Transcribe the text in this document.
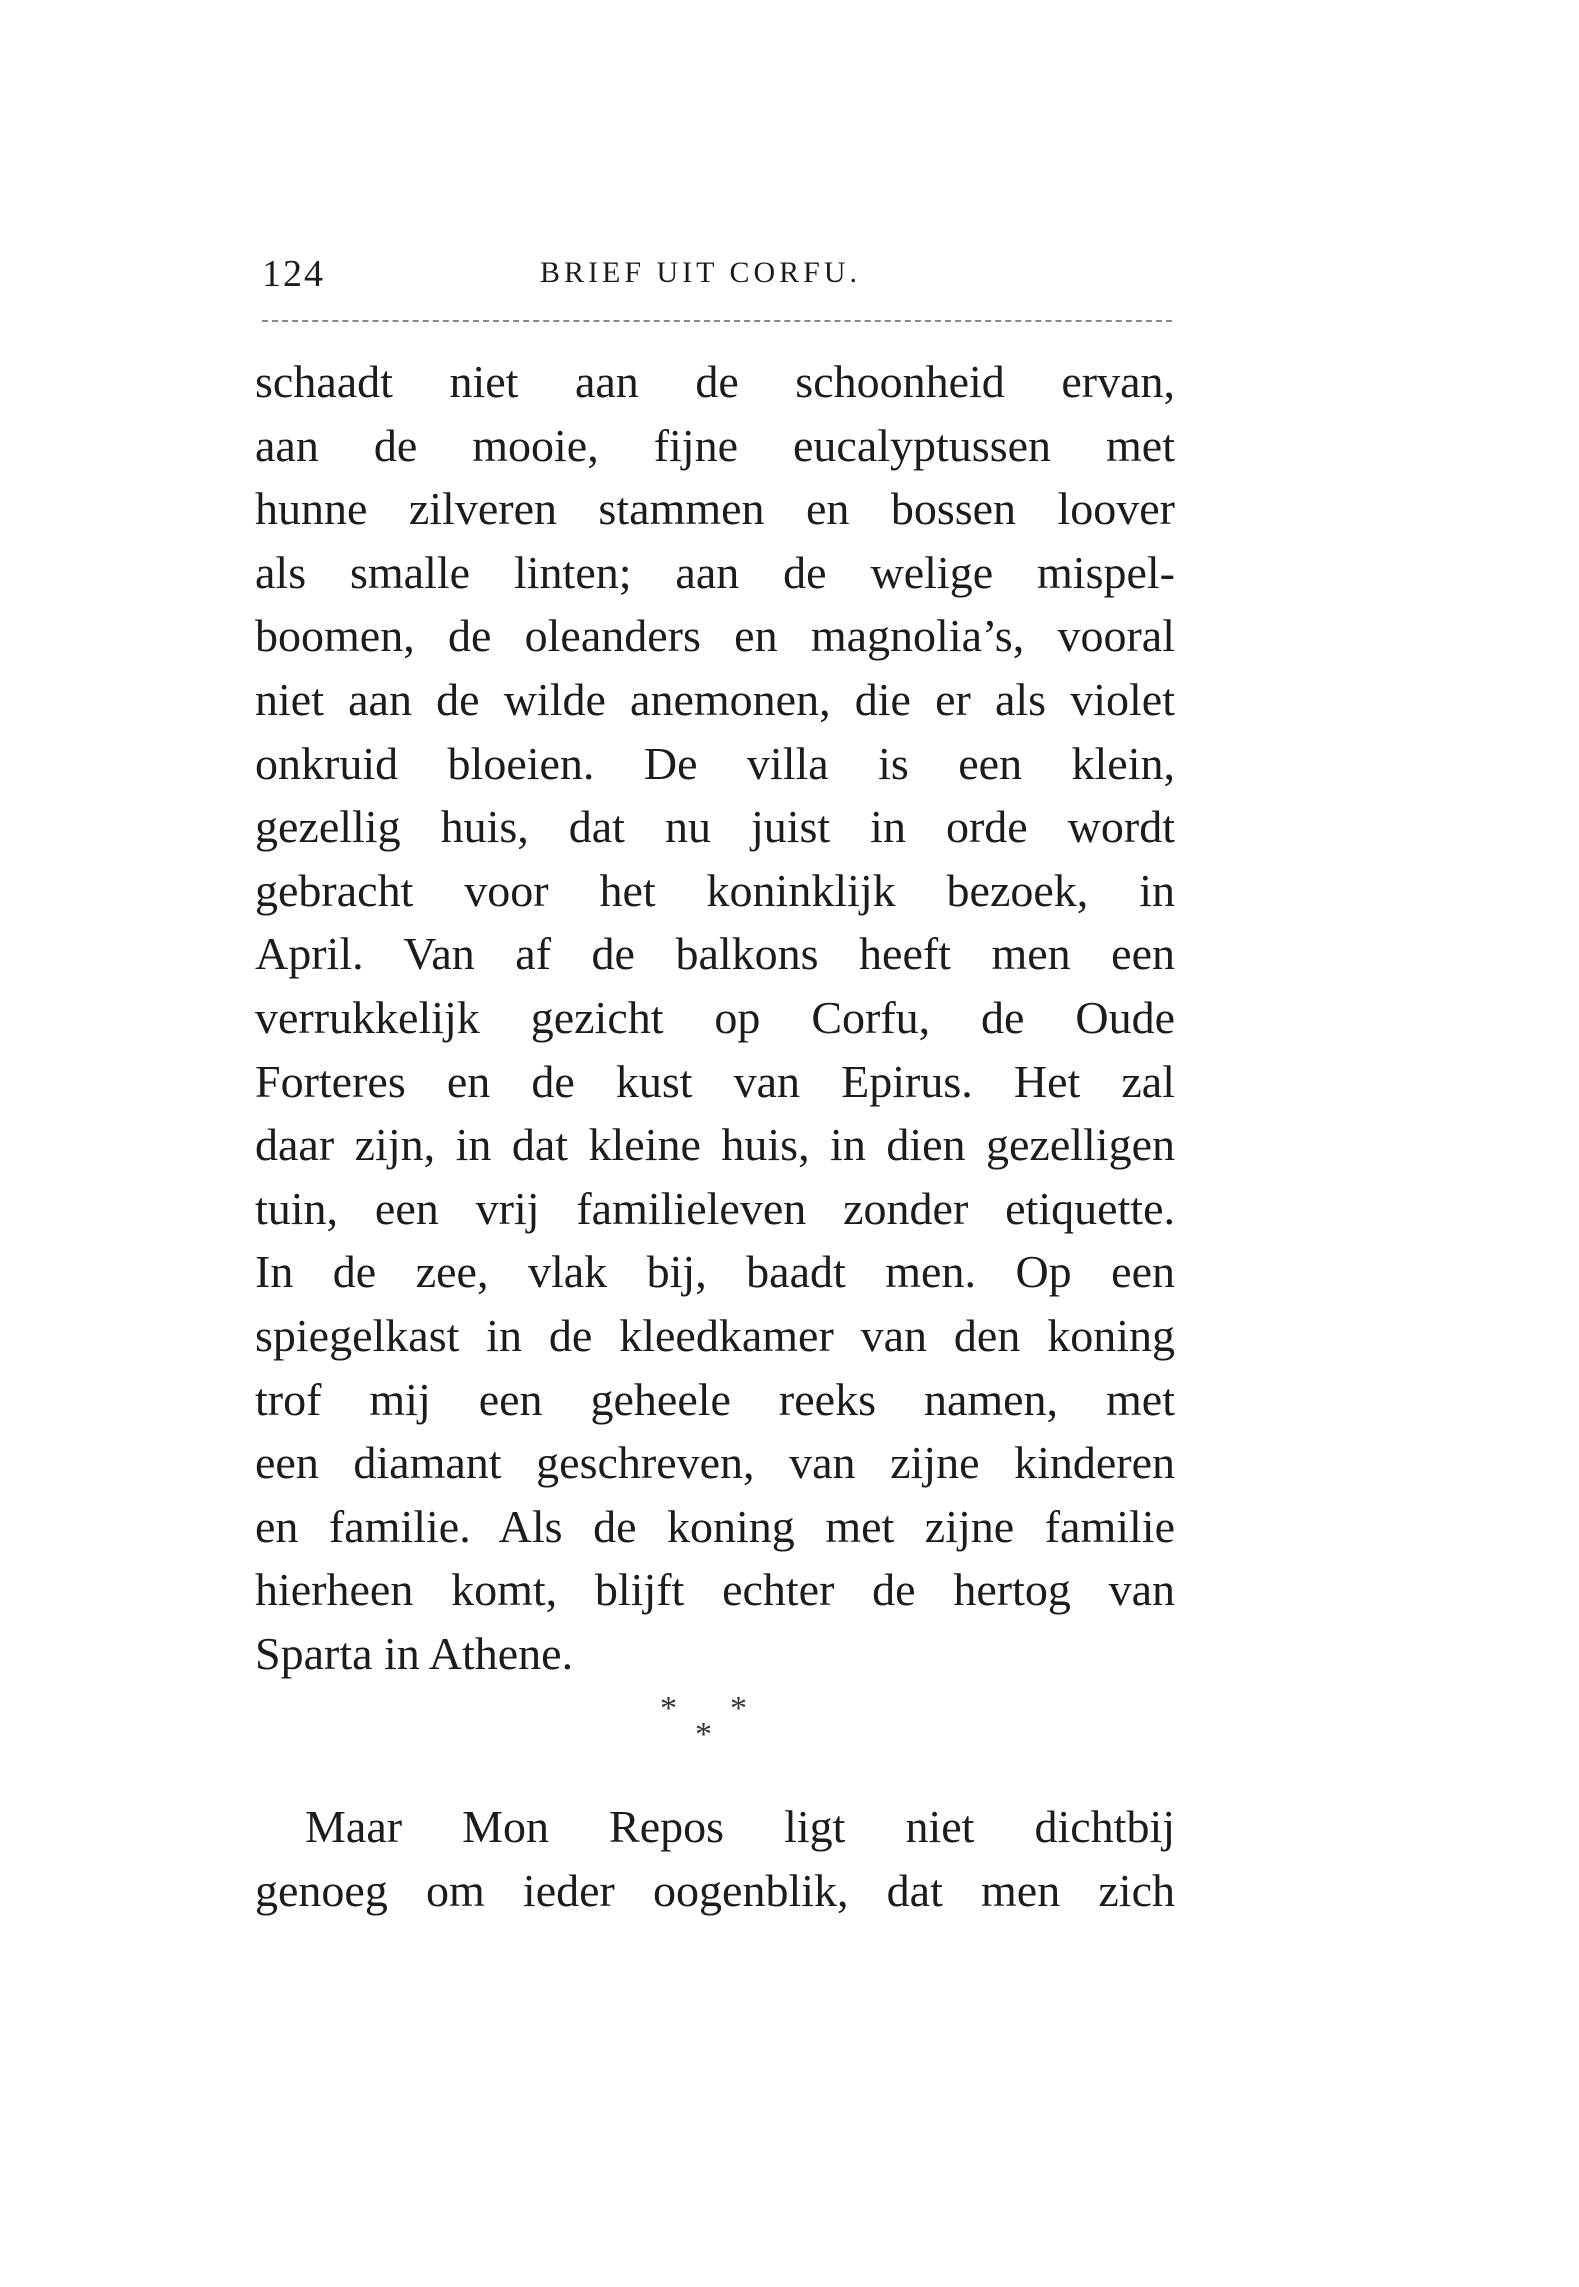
124	BRIEF UIT CORFU.
schaadt niet aan de schoonheid ervan,
aan de mooie, fijne eucalyptussen met
hunne zilveren stammen en bossen loover
als smalle linten; aan de welige mispel-
boomen, de oleanders en magnolia’s, vooral
niet aan de wilde anemonen, die er als violet
onkruid bloeien. De villa is een klein,
gezellig huis, dat nu juist in orde wordt
gebracht voor het koninklijk bezoek, in
April. Van af de balkons heeft men een
verrukkelijk gezicht op Corfu, de Oude
Forteres en de kust van Epirus. Het zal
daar zijn, in dat kleine huis, in dien gezelligen
tuin, een vrij familieleven zonder etiquette.
In de zee, vlak bij, baadt men. Op een
spiegelkast in de kleedkamer van den koning
trof mij een geheele reeks namen, met
een diamant geschreven, van zijne kinderen
en familie. Als de koning met zijne familie
hierheen komt, blijft echter de hertog van
Sparta in Athene.
* *
*
Maar Mon Repos ligt niet dichtbij
genoeg om ieder oogenblik, dat men zich
